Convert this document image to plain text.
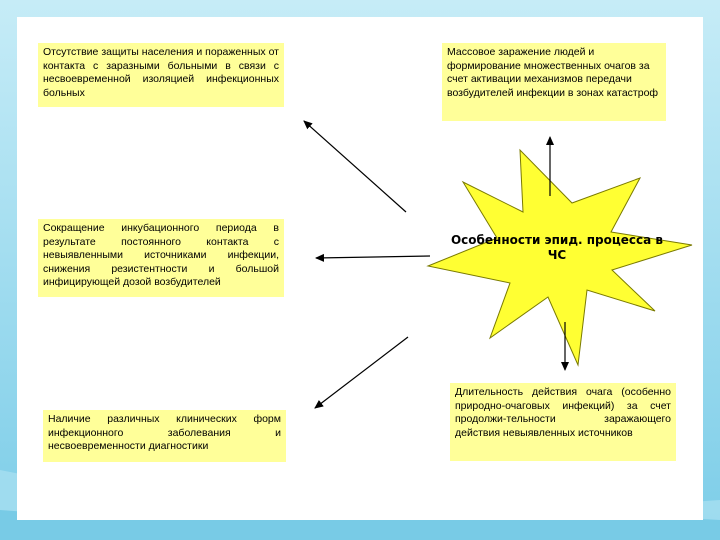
Особенности эпид. процесса в ЧС
Отсутствие защиты населения и пораженных от контакта с заразными больными в связи с несвоевременной изоляцией инфекционных больных
Массовое заражение людей и формирование множественных очагов за счет активации механизмов передачи возбудителей инфекции в зонах катастроф
Сокращение инкубационного периода в результате постоянного контакта с невыявленными источниками инфекции, снижения резистентности и большой инфицирующей дозой возбудителей
Наличие различных клинических форм инфекционного заболевания и несвоевременности диагностики
Длительность действия очага (особенно природно-очаговых инфекций) за счет продолжи-тельности заражающего действия невыявленных источников
